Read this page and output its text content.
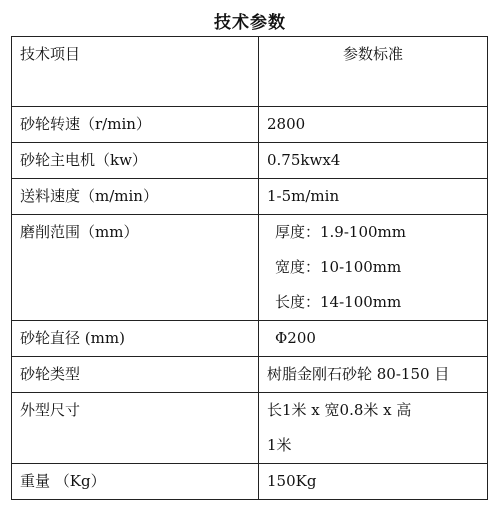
技术参数
技术项目	参数标准
砂轮转速（r/min）	2800
砂轮主电机（kw）	0.75kwx4
送料速度（m/min）	1-5m/min
磨削范围（mm）	厚度：1.9-100mm
宽度：10-100mm
长度：14-100mm

砂轮直径 (mm)	Φ200
砂轮类型	树脂金刚石砂轮 80-150 目
外型尺寸	长1米 x 宽0.8米 x 高
1米

重量 （Kg）	150Kg
